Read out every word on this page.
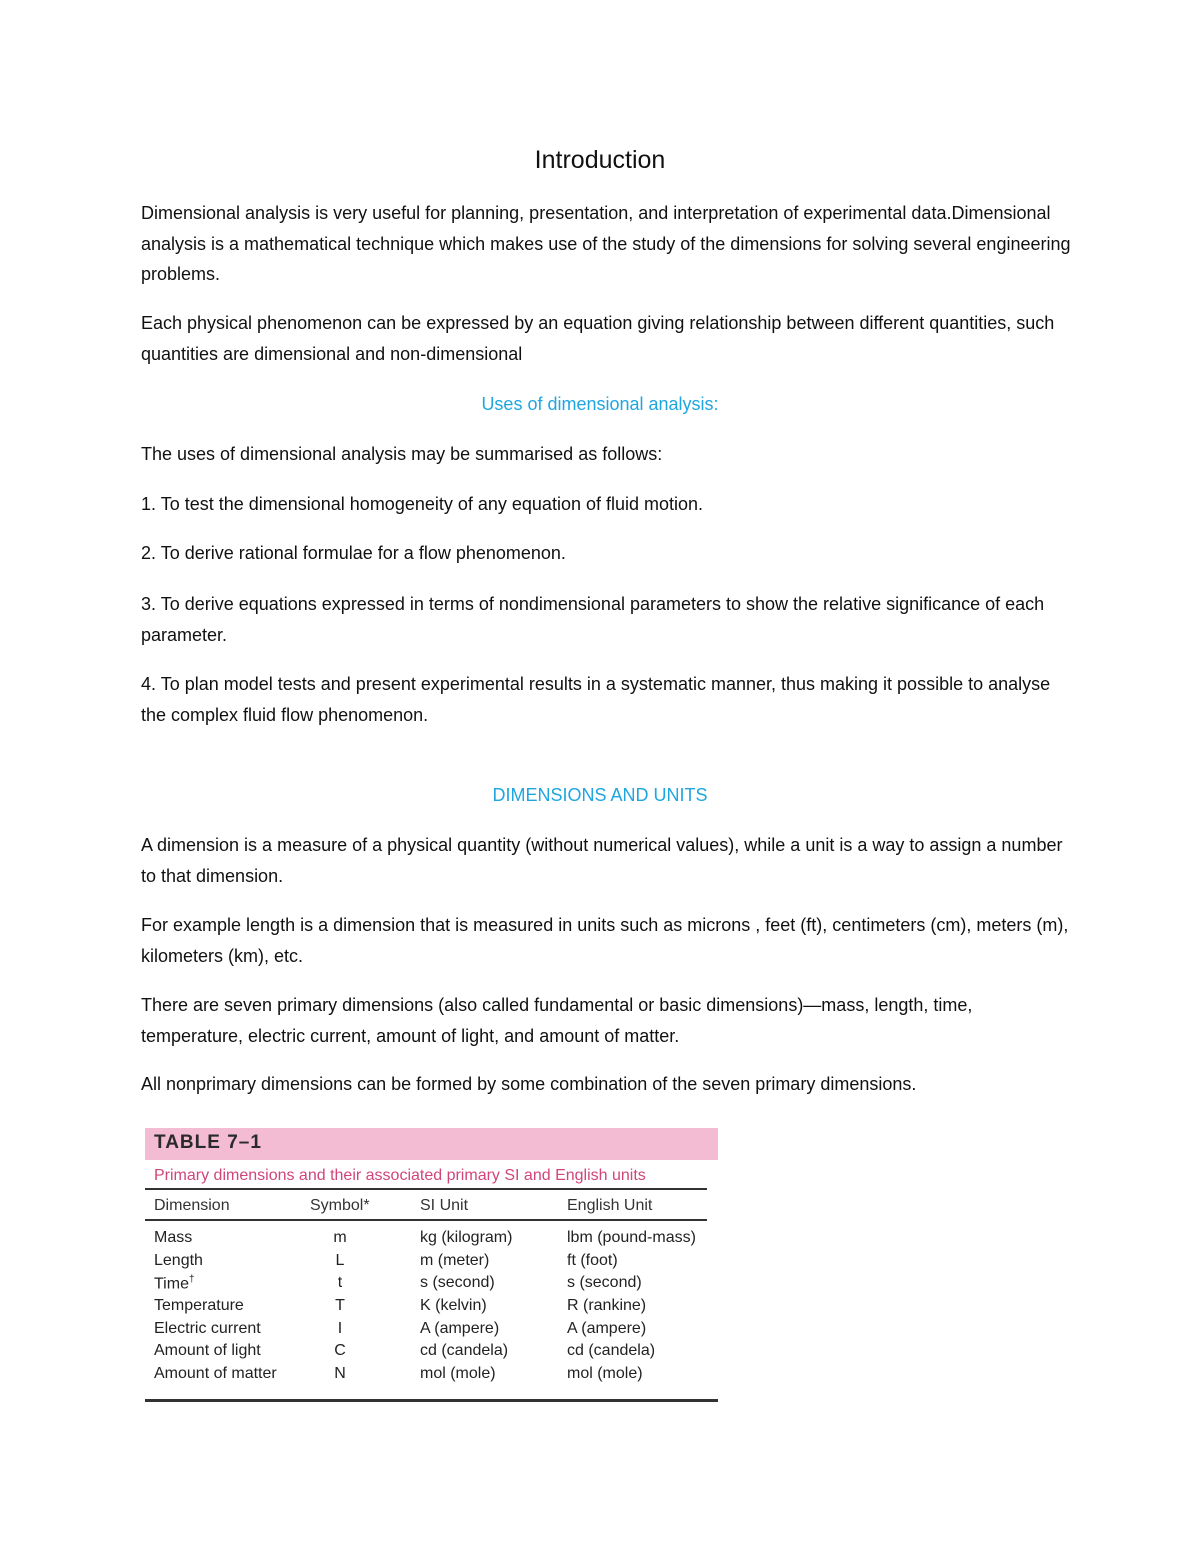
Introduction

Dimensional analysis is very useful for planning, presentation, and interpretation of experimental data.Dimensional analysis is a mathematical technique which makes use of the study of the dimensions for solving several engineering problems.

Each physical phenomenon can be expressed by an equation giving relationship between different quantities, such quantities are dimensional and non-dimensional

Uses of dimensional analysis:

The uses of dimensional analysis may be summarised as follows:

1. To test the dimensional homogeneity of any equation of fluid motion.

2. To derive rational formulae for a flow phenomenon.

3. To derive equations expressed in terms of nondimensional parameters to show the relative significance of each parameter.

4. To plan model tests and present experimental results in a systematic manner, thus making it possible to analyse the complex fluid flow phenomenon.

DIMENSIONS AND UNITS

A dimension is a measure of a physical quantity (without numerical values), while a unit is a way to assign a number to that dimension.

For example length is a dimension that is measured in units such as microns , feet (ft), centimeters (cm), meters (m), kilometers (km), etc.

There are seven primary dimensions (also called fundamental or basic dimensions)—mass, length, time, temperature, electric current, amount of light, and amount of matter.

All nonprimary dimensions can be formed by some combination of the seven primary dimensions.

TABLE 7–1
Primary dimensions and their associated primary SI and English units
Dimension	Symbol*	SI Unit	English Unit
Mass	m	kg (kilogram)	lbm (pound-mass)
Length	L	m (meter)	ft (foot)
Time†	t	s (second)	s (second)
Temperature	T	K (kelvin)	R (rankine)
Electric current	I	A (ampere)	A (ampere)
Amount of light	C	cd (candela)	cd (candela)
Amount of matter	N	mol (mole)	mol (mole)
